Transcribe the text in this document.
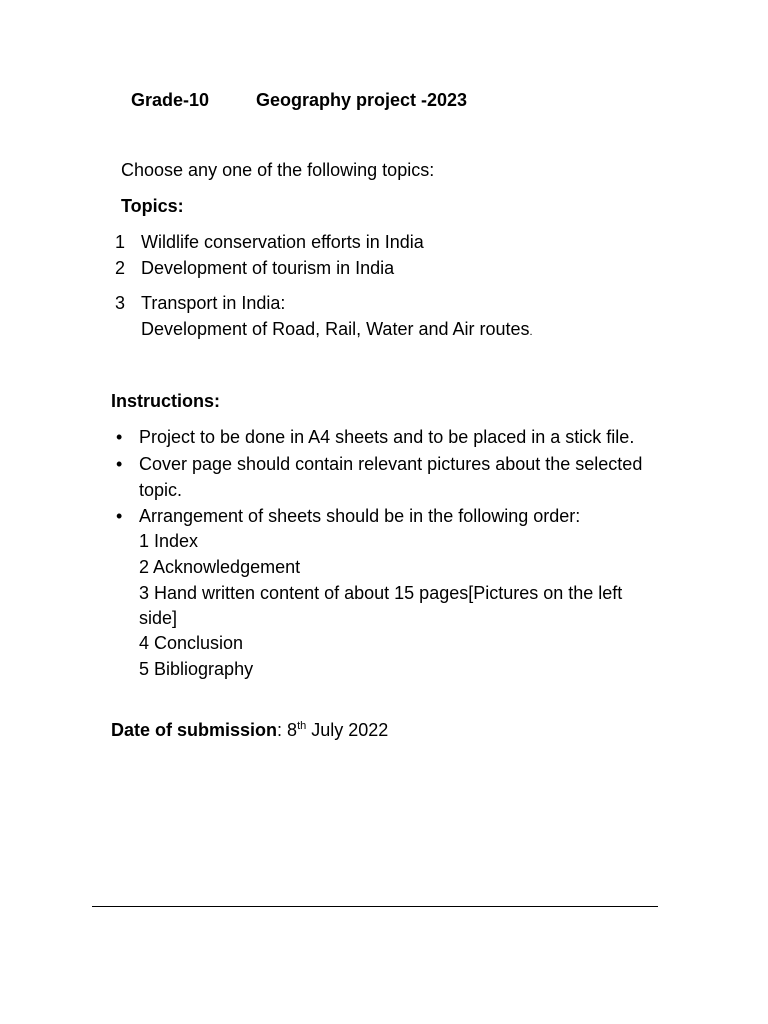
Grade-10	Geography project -2023
Choose any one of the following topics:
Topics:
1 Wildlife conservation efforts in India
2 Development of tourism in India
3 Transport in India:
Development of Road, Rail, Water and Air routes.
Instructions:
• Project to be done in A4 sheets and to be placed in a stick file.
• Cover page should contain relevant pictures about the selected
topic.
• Arrangement of sheets should be in the following order:
1 Index
2 Acknowledgement
3 Hand written content of about 15 pages[Pictures on the left
side]
4 Conclusion
5 Bibliography
Date of submission: 8th July 2022
